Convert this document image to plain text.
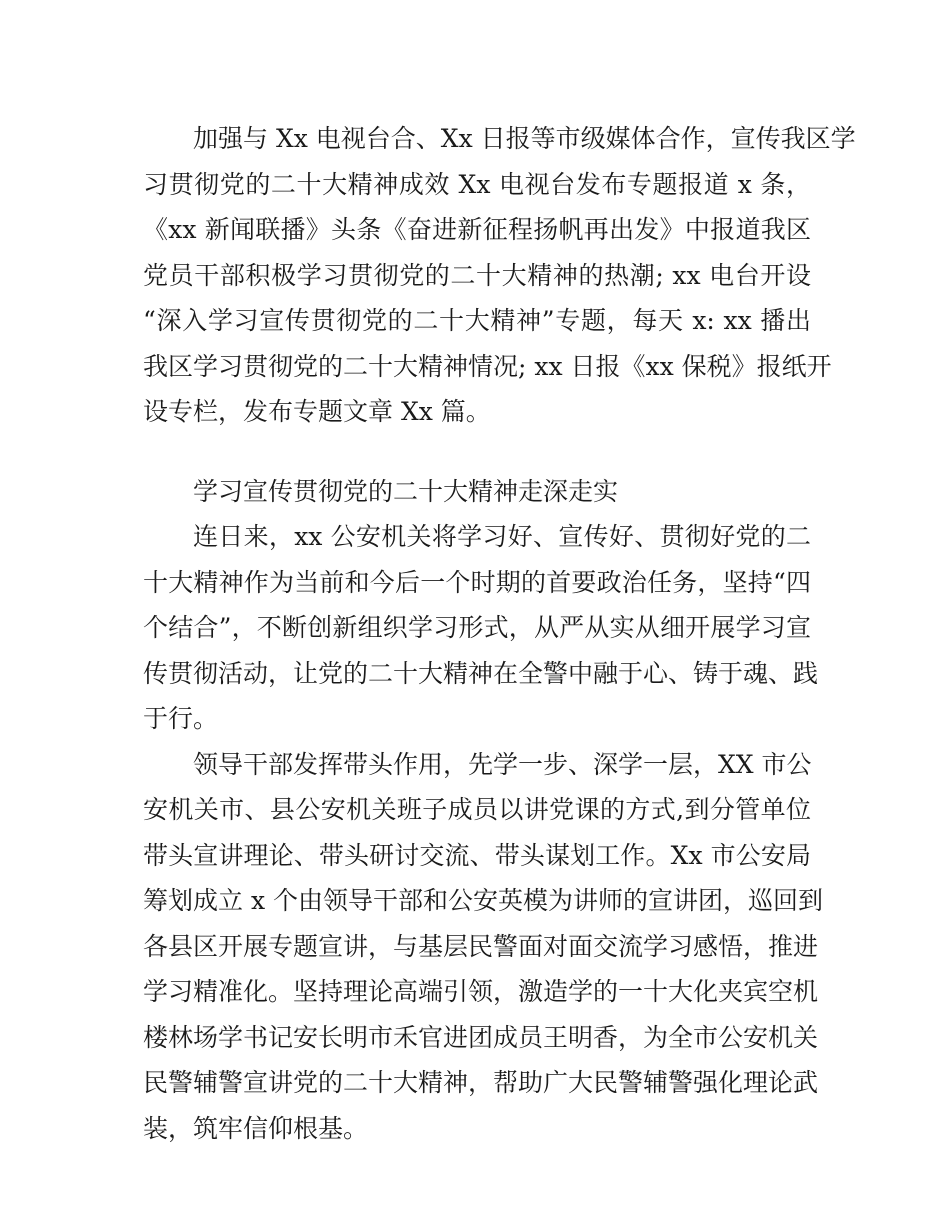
加强与 Xx 电视台合、Xx 日报等市级媒体合作，宣传我区学
习贯彻党的二十大精神成效 Xx 电视台发布专题报道 x 条，
《xx 新闻联播》头条《奋进新征程扬帆再出发》中报道我区
党员干部积极学习贯彻党的二十大精神的热潮; xx 电台开设
“深入学习宣传贯彻党的二十大精神”专题，每天 x: xx 播出
我区学习贯彻党的二十大精神情况; xx 日报《xx 保税》报纸开
设专栏，发布专题文章 Xx 篇。
学习宣传贯彻党的二十大精神走深走实
连日来，xx 公安机关将学习好、宣传好、贯彻好党的二
十大精神作为当前和今后一个时期的首要政治任务，坚持“四
个结合”，不断创新组织学习形式，从严从实从细开展学习宣
传贯彻活动，让党的二十大精神在全警中融于心、铸于魂、践
于行。
领导干部发挥带头作用，先学一步、深学一层，XX 市公
安机关市、县公安机关班子成员以讲党课的方式,到分管单位
带头宣讲理论、带头研讨交流、带头谋划工作。Xx 市公安局
筹划成立 x 个由领导干部和公安英模为讲师的宣讲团，巡回到
各县区开展专题宣讲，与基层民警面对面交流学习感悟，推进
学习精准化。坚持理论高端引领，激造学的一十大化夹宾空机
楼林场学书记安长明市禾官进团成员王明香，为全市公安机关
民警辅警宣讲党的二十大精神，帮助广大民警辅警强化理论武
装，筑牢信仰根基。
